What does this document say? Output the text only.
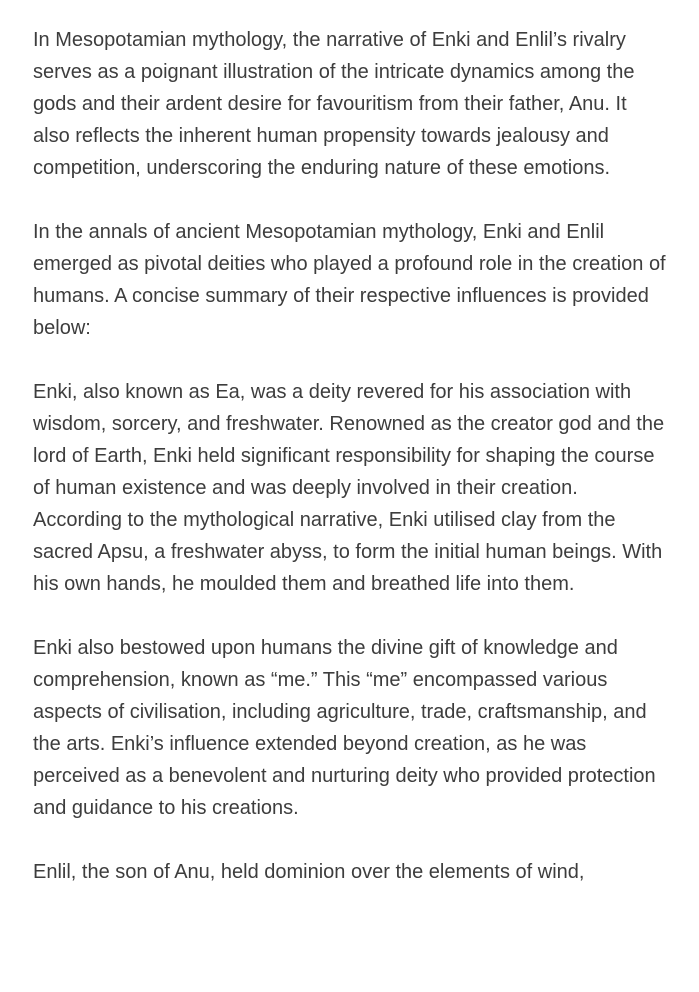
In Mesopotamian mythology, the narrative of Enki and Enlil’s rivalry serves as a poignant illustration of the intricate dynamics among the gods and their ardent desire for favouritism from their father, Anu. It also reflects the inherent human propensity towards jealousy and competition, underscoring the enduring nature of these emotions.

In the annals of ancient Mesopotamian mythology, Enki and Enlil emerged as pivotal deities who played a profound role in the creation of humans. A concise summary of their respective influences is provided below:

Enki, also known as Ea, was a deity revered for his association with wisdom, sorcery, and freshwater. Renowned as the creator god and the lord of Earth, Enki held significant responsibility for shaping the course of human existence and was deeply involved in their creation. According to the mythological narrative, Enki utilised clay from the sacred Apsu, a freshwater abyss, to form the initial human beings. With his own hands, he moulded them and breathed life into them.

Enki also bestowed upon humans the divine gift of knowledge and comprehension, known as “me.” This “me” encompassed various aspects of civilisation, including agriculture, trade, craftsmanship, and the arts. Enki’s influence extended beyond creation, as he was perceived as a benevolent and nurturing deity who provided protection and guidance to his creations.

Enlil, the son of Anu, held dominion over the elements of wind,
